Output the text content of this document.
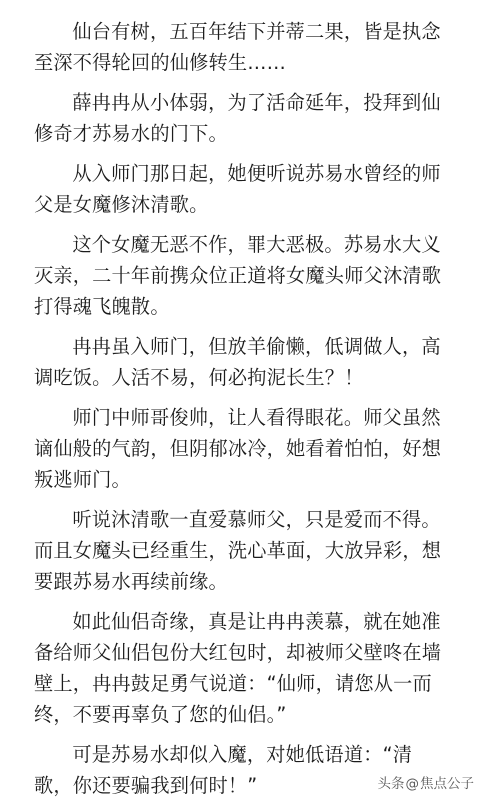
仙台有树，五百年结下并蒂二果，皆是执念
至深不得轮回的仙修转生……

薛冉冉从小体弱，为了活命延年，投拜到仙
修奇才苏易水的门下。

从入师门那日起，她便听说苏易水曾经的师
父是女魔修沐清歌。

这个女魔无恶不作，罪大恶极。苏易水大义
灭亲，二十年前携众位正道将女魔头师父沐清歌
打得魂飞魄散。

冉冉虽入师门，但放羊偷懒，低调做人，高
调吃饭。人活不易，何必拘泥长生？！

师门中师哥俊帅，让人看得眼花。师父虽然
谪仙般的气韵，但阴郁冰冷，她看着怕怕，好想
叛逃师门。

听说沐清歌一直爱慕师父，只是爱而不得。
而且女魔头已经重生，洗心革面，大放异彩，想
要跟苏易水再续前缘。

如此仙侣奇缘，真是让冉冉羡慕，就在她准
备给师父仙侣包份大红包时，却被师父壁咚在墙
壁上，冉冉鼓足勇气说道：“仙师，请您从一而
终，不要再辜负了您的仙侣。”

可是苏易水却似入魔，对她低语道：“清
歌，你还要骗我到何时！”	头条 @ 焦点公子
